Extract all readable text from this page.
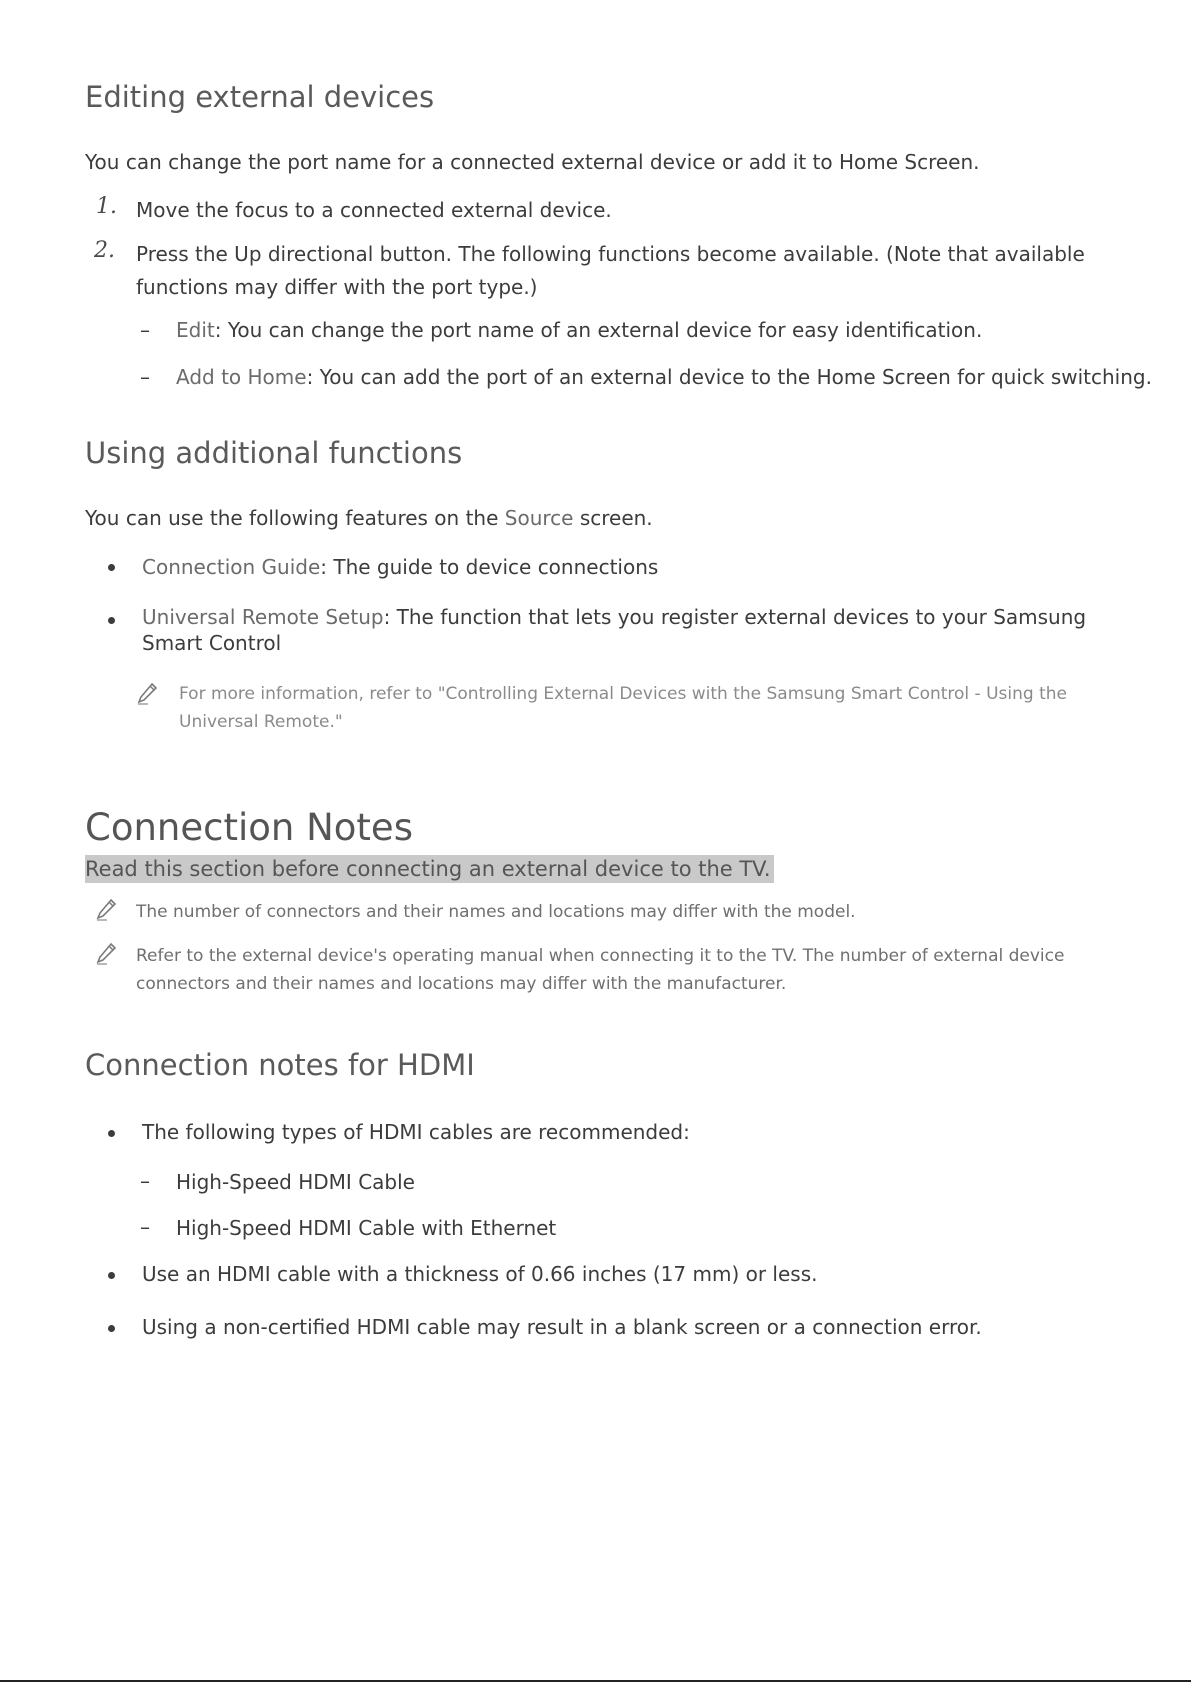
Editing external devices

You can change the port name for a connected external device or add it to Home Screen.

1. Move the focus to a connected external device.

2. Press the Up directional button. The following functions become available. (Note that available functions may differ with the port type.)

– Edit: You can change the port name of an external device for easy identification.

– Add to Home: You can add the port of an external device to the Home Screen for quick switching.

Using additional functions

You can use the following features on the Source screen.

Connection Guide: The guide to device connections

Universal Remote Setup: The function that lets you register external devices to your Samsung Smart Control

For more information, refer to "Controlling External Devices with the Samsung Smart Control - Using the Universal Remote."

Connection Notes
Read this section before connecting an external device to the TV.

The number of connectors and their names and locations may differ with the model.

Refer to the external device's operating manual when connecting it to the TV. The number of external device connectors and their names and locations may differ with the manufacturer.

Connection notes for HDMI

The following types of HDMI cables are recommended:

– High-Speed HDMI Cable

– High-Speed HDMI Cable with Ethernet

Use an HDMI cable with a thickness of 0.66 inches (17 mm) or less.

Using a non-certified HDMI cable may result in a blank screen or a connection error.
